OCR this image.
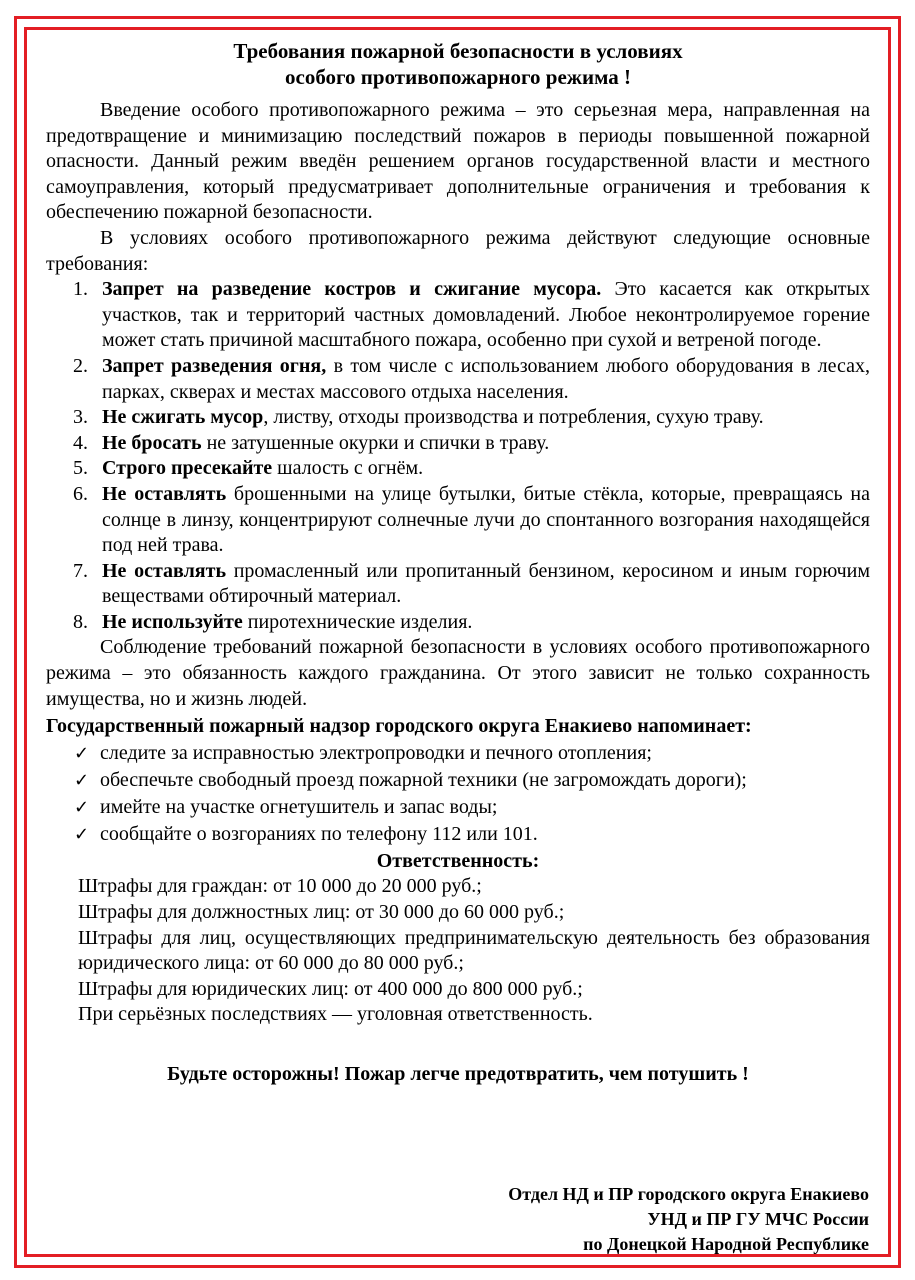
Требования пожарной безопасности в условиях
особого противопожарного режима !

Введение особого противопожарного режима – это серьезная мера, направленная на предотвращение и минимизацию последствий пожаров в периоды повышенной пожарной опасности. Данный режим введён решением органов государственной власти и местного самоуправления, который предусматривает дополнительные ограничения и требования к обеспечению пожарной безопасности.

В условиях особого противопожарного режима действуют следующие основные требования:

1. Запрет на разведение костров и сжигание мусора. Это касается как открытых участков, так и территорий частных домовладений. Любое неконтролируемое горение может стать причиной масштабного пожара, особенно при сухой и ветреной погоде.
2. Запрет разведения огня, в том числе с использованием любого оборудования в лесах, парках, скверах и местах массового отдыха населения.
3. Не сжигать мусор, листву, отходы производства и потребления, сухую траву.
4. Не бросать не затушенные окурки и спички в траву.
5. Строго пресекайте шалость с огнём.
6. Не оставлять брошенными на улице бутылки, битые стёкла, которые, превращаясь на солнце в линзу, концентрируют солнечные лучи до спонтанного возгорания находящейся под ней трава.
7. Не оставлять промасленный или пропитанный бензином, керосином и иным горючим веществами обтирочный материал.
8. Не используйте пиротехнические изделия.

Соблюдение требований пожарной безопасности в условиях особого противопожарного режима – это обязанность каждого гражданина. От этого зависит не только сохранность имущества, но и жизнь людей.

Государственный пожарный надзор городского округа Енакиево напоминает:
✓ следите за исправностью электропроводки и печного отопления;
✓ обеспечьте свободный проезд пожарной техники (не загромождать дороги);
✓ имейте на участке огнетушитель и запас воды;
✓ сообщайте о возгораниях по телефону 112 или 101.
Ответственность:

Штрафы для граждан: от 10 000 до 20 000 руб.;

Штрафы для должностных лиц: от 30 000 до 60 000 руб.;

Штрафы для лиц, осуществляющих предпринимательскую деятельность без образования юридического лица: от 60 000 до 80 000 руб.;

Штрафы для юридических лиц: от 400 000 до 800 000 руб.;

При серьёзных последствиях — уголовная ответственность.

Будьте осторожны! Пожар легче предотвратить, чем потушить !
Отдел НД и ПР городского округа Енакиево
УНД и ПР ГУ МЧС России
по Донецкой Народной Республике
